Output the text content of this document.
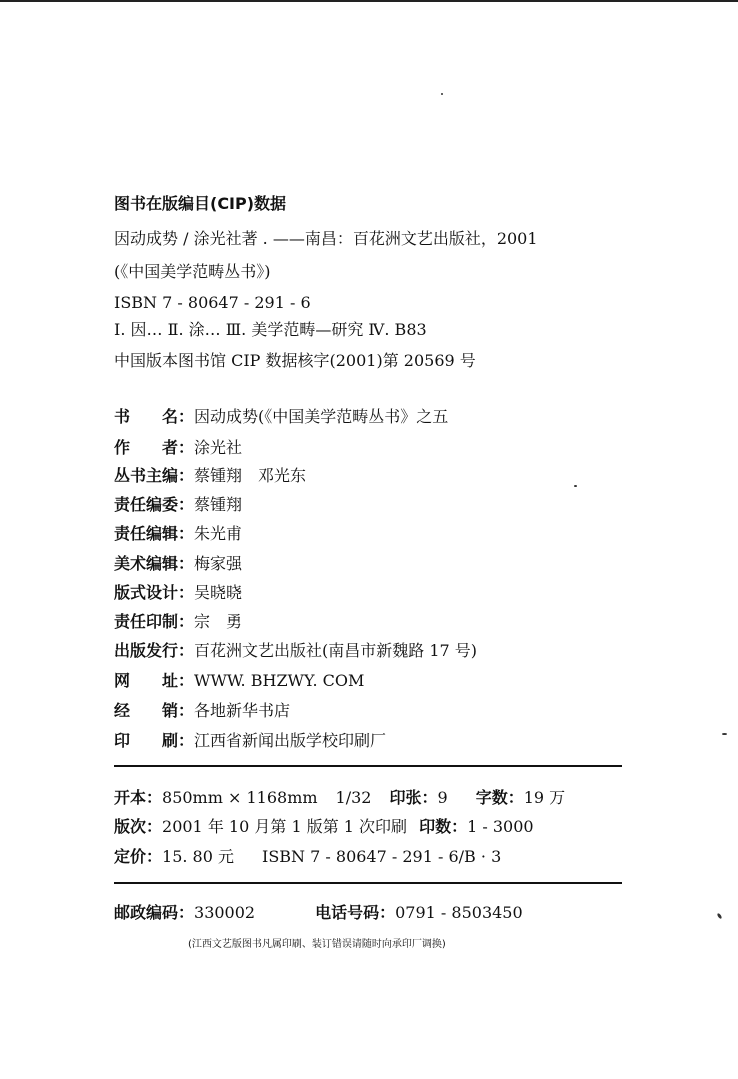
图书在版编目(CIP)数据
因动成势 / 涂光社著 . ——南昌：百花洲文艺出版社，2001
(《中国美学范畴丛书》)
ISBN 7 - 80647 - 291 - 6
Ⅰ. 因… Ⅱ. 涂… Ⅲ. 美学范畴—研究 Ⅳ. B83
中国版本图书馆 CIP 数据核字(2001)第 20569 号
书　　名：因动成势(《中国美学范畴丛书》之五
作　　者：涂光社
丛书主编：蔡锺翔　邓光东
责任编委：蔡锺翔
责任编辑：朱光甫
美术编辑：梅家强
版式设计：吴晓晓
责任印制：宗　勇
出版发行：百花洲文艺出版社(南昌市新魏路 17 号)
网　　址：WWW. BHZWY. COM
经　　销：各地新华书店
印　　刷：江西省新闻出版学校印刷厂
开本：850mm × 1168mm 1/32 印张：9 字数：19 万
版次：2001 年 10 月第 1 版第 1 次印刷 印数：1 - 3000
定价：15. 80 元 ISBN 7 - 80647 - 291 - 6/B · 3
邮政编码：330002	电话号码：0791 - 8503450
(江西文艺版图书凡属印刷、装订错误请随时向承印厂调换)
